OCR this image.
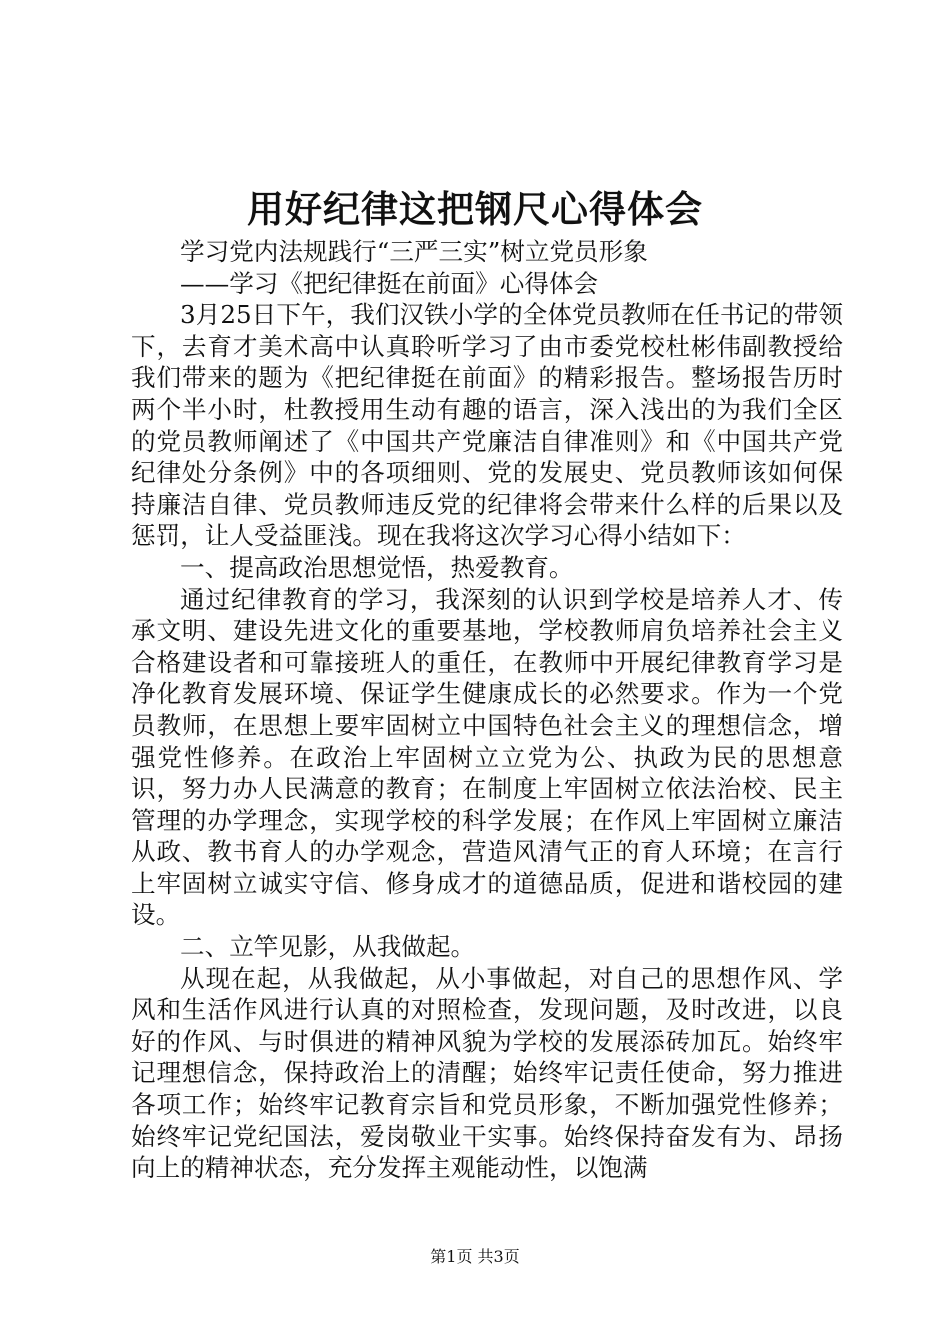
用好纪律这把钢尺心得体会

学习党内法规践行“三严三实”树立党员形象

——学习《把纪律挺在前面》心得体会

3月25日下午，我们汉铁小学的全体党员教师在任书记的带领下，去育才美术高中认真聆听学习了由市委党校杜彬伟副教授给我们带来的题为《把纪律挺在前面》的精彩报告。整场报告历时两个半小时，杜教授用生动有趣的语言，深入浅出的为我们全区的党员教师阐述了《中国共产党廉洁自律准则》和《中国共产党纪律处分条例》中的各项细则、党的发展史、党员教师该如何保持廉洁自律、党员教师违反党的纪律将会带来什么样的后果以及惩罚，让人受益匪浅。现在我将这次学习心得小结如下：

一、提高政治思想觉悟，热爱教育。

通过纪律教育的学习，我深刻的认识到学校是培养人才、传承文明、建设先进文化的重要基地，学校教师肩负培养社会主义合格建设者和可靠接班人的重任，在教师中开展纪律教育学习是净化教育发展环境、保证学生健康成长的必然要求。作为一个党员教师，在思想上要牢固树立中国特色社会主义的理想信念，增强党性修养。在政治上牢固树立立党为公、执政为民的思想意识，努力办人民满意的教育；在制度上牢固树立依法治校、民主管理的办学理念，实现学校的科学发展；在作风上牢固树立廉洁从政、教书育人的办学观念，营造风清气正的育人环境；在言行上牢固树立诚实守信、修身成才的道德品质，促进和谐校园的建设。

二、立竿见影，从我做起。

从现在起，从我做起，从小事做起，对自己的思想作风、学风和生活作风进行认真的对照检查，发现问题，及时改进，以良好的作风、与时俱进的精神风貌为学校的发展添砖加瓦。始终牢记理想信念，保持政治上的清醒；始终牢记责任使命，努力推进各项工作；始终牢记教育宗旨和党员形象，不断加强党性修养；始终牢记党纪国法，爱岗敬业干实事。始终保持奋发有为、昂扬向上的精神状态，充分发挥主观能动性，以饱满

第1页 共3页
